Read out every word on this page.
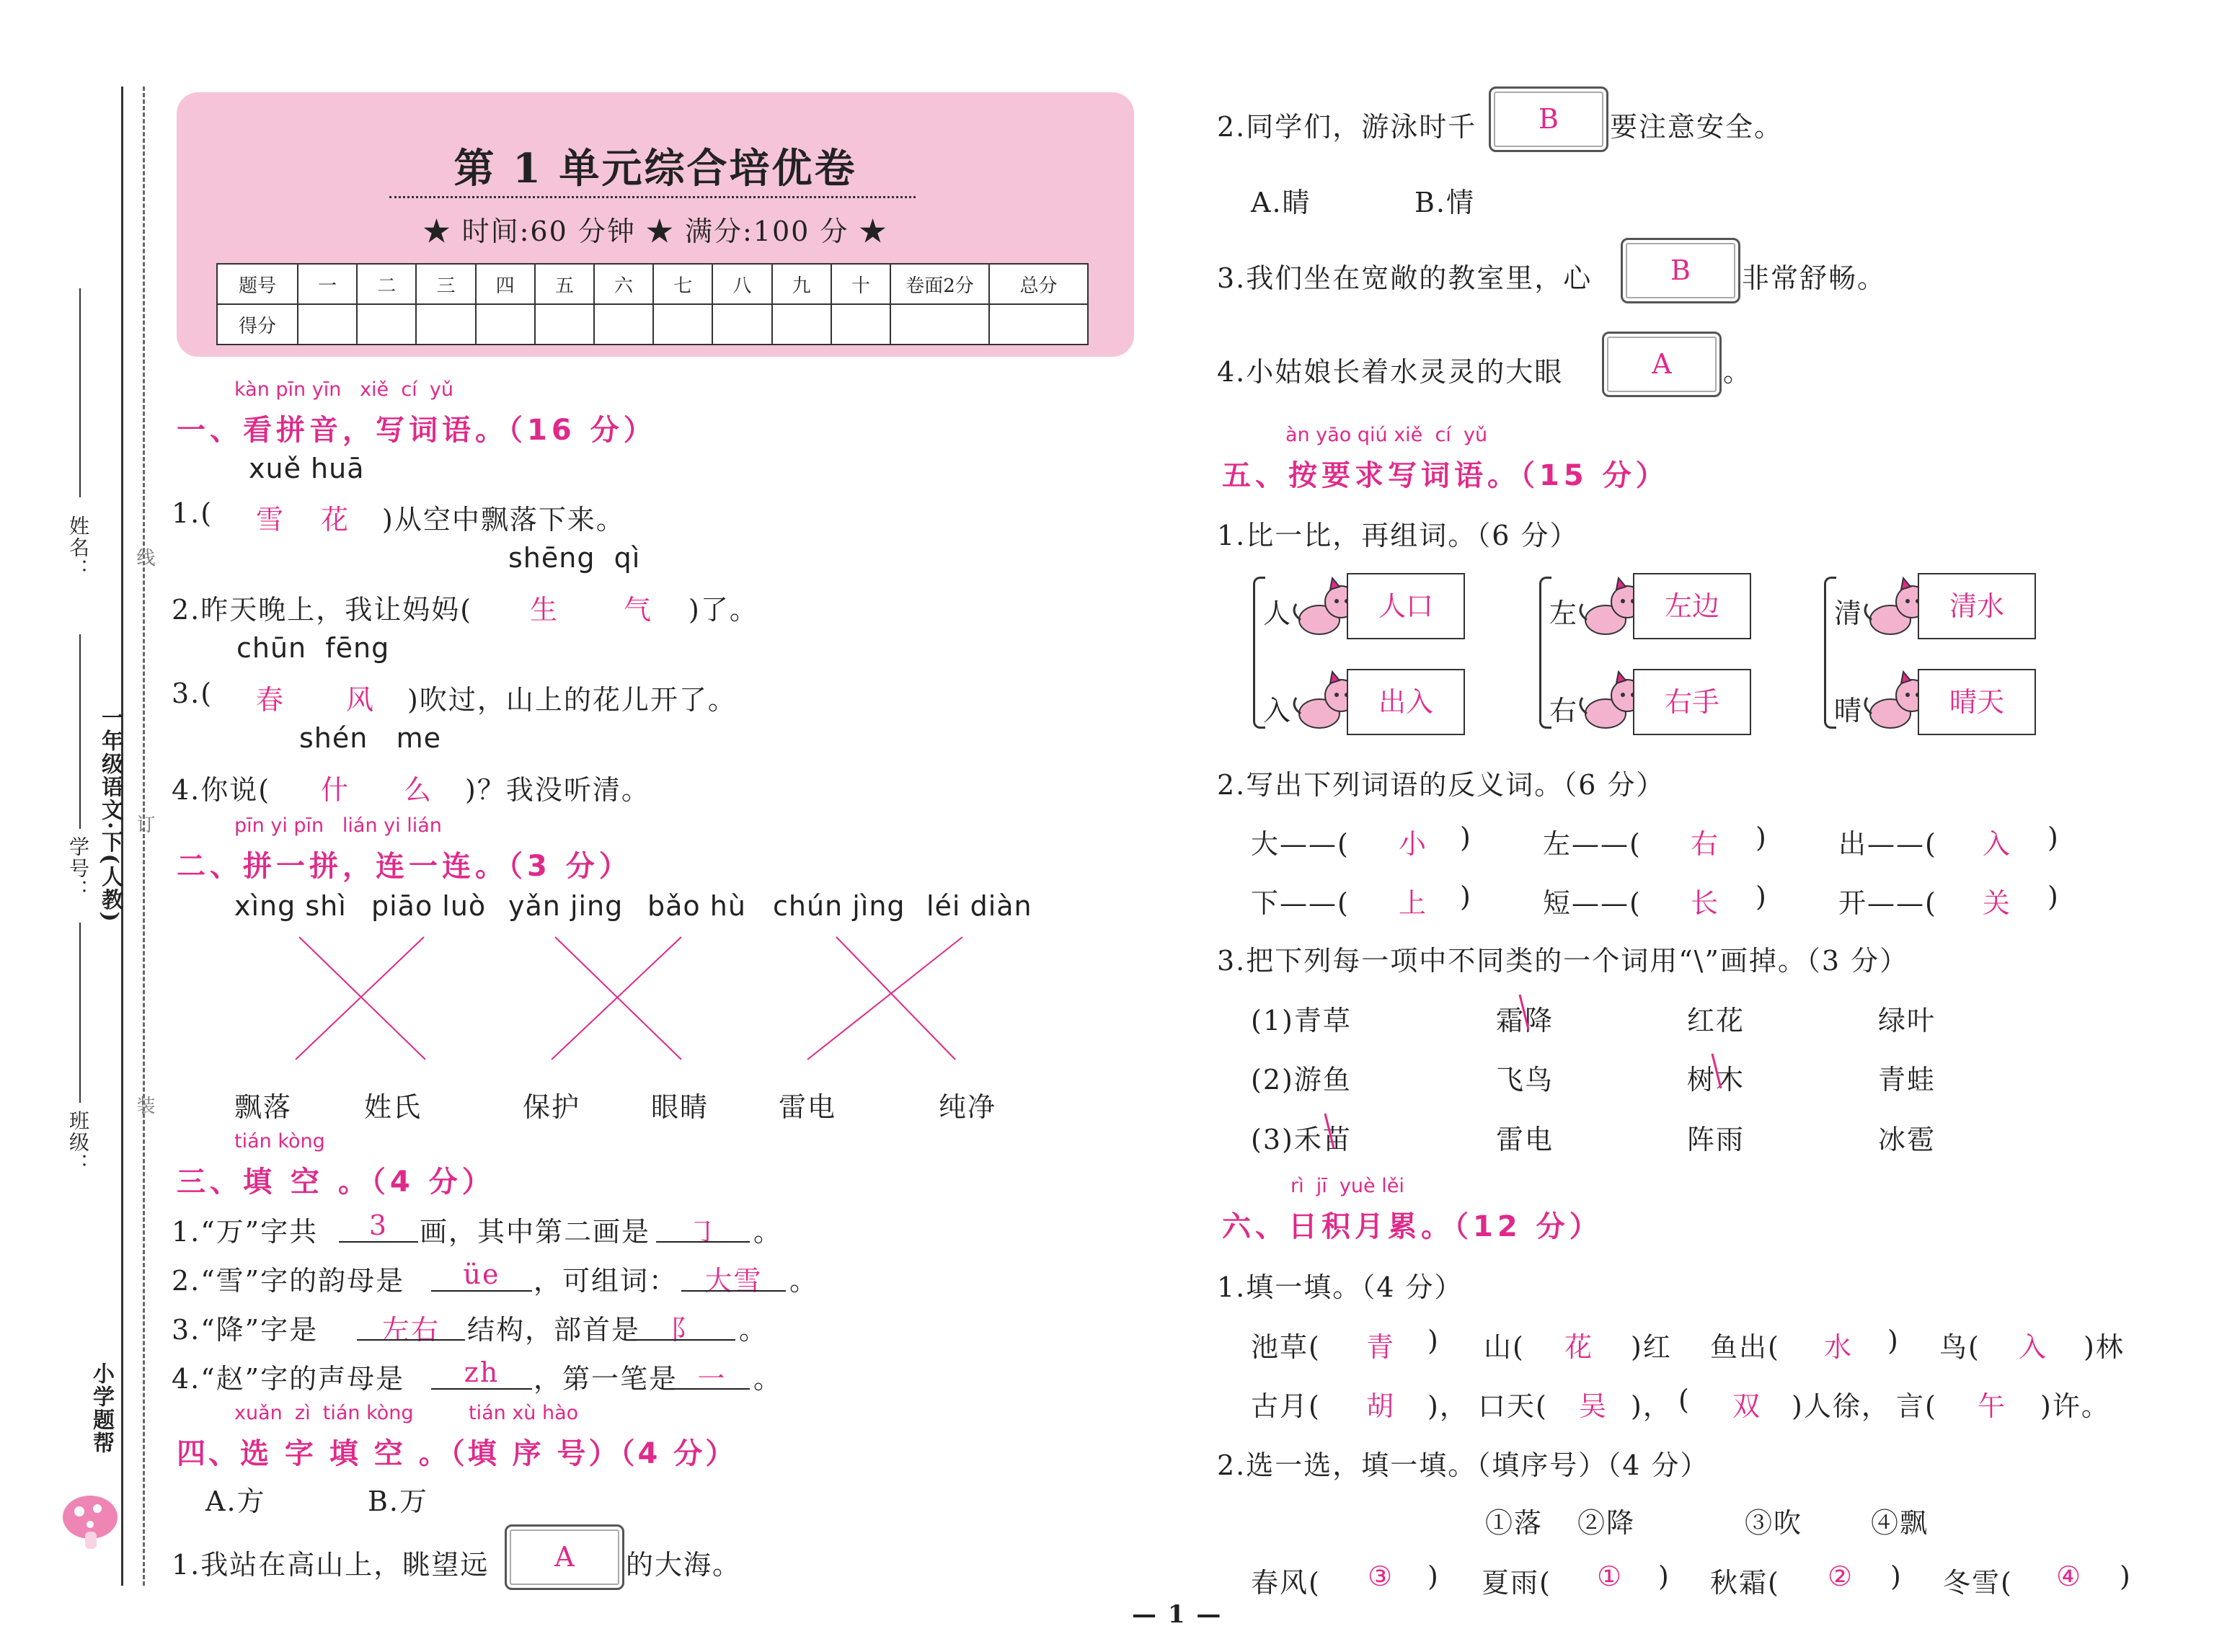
线
订
装
姓名：
学号： 一年级语文·下(人教)
班级：
小学题帮
第 1 单元综合培优卷
★ 时间:60 分钟 ★ 满分:100 分 ★
题号	一	二	三	四	五	六	七	八	九	十	卷面2分	总分
得分												
kàn pīn yīn   xiě  cí  yǔ
一、看拼音，写词语。（16 分）
xuě huā
1.( 雪 花 )从空中飘落下来。
shēng  qì
2.昨天晚上，我让妈妈( 生 气 )了。
chūn  fēng
3.( 春 风 )吹过，山上的花儿开了。
shén   me
4.你说( 什 么 )？我没听清。
pīn yi pīn   lián yi lián
二、拼一拼，连一连。（3 分）
xìng shì piāo luò yǎn jing bǎo hù chún jìng léi diàn
飘落	姓氏	保护	眼睛	雷电	纯净
tián kòng
三、填 空 。（4 分）
1.“万”字共	3	画，其中第二画是	㇆	。
2.“雪”字的韵母是	üe	，可组词： 大雪 。
3.“降”字是	左右	结构，部首是	阝	。
4.“赵”字的声母是	zh	，第一笔是 一 。
xuǎn  zì  tián kòng	tián xù hào
四、选 字 填 空 。（填 序 号）（4 分）
A.方	B.万
1.我站在高山上，眺望远	A	的大海。
2.同学们，游泳时千	B	要注意安全。
A.睛	B.情
3.我们坐在宽敞的教室里，心	B	非常舒畅。
4.小姑娘长着水灵灵的大眼	A	。
àn yāo qiú xiě  cí  yǔ
五、按要求写词语。（15 分）
1.比一比，再组词。（6 分）
人	人口
入	出入
左	左边
右	右手
清	清水
晴	晴天
2.写出下列词语的反义词。（6 分）
大——( 小 )	左——( 右 )	出——( 入 )
下——( 上 )	短——( 长 )	开——( 关 )
3.把下列每一项中不同类的一个词用“\”画掉。（3 分）
(1)青草	霜降	红花	绿叶
(2)游鱼	飞鸟	树木	青蛙
(3)禾苗	雷电	阵雨	冰雹
rì  jī  yuè lěi
六、日积月累。（12 分）
1.填一填。（4 分）
池草( 青 ) 山( 花 )红 鱼出( 水 ) 鸟( 入 )林
古月( 胡 )， 口天( 吴 )， ( 双 )人徐， 言( 午 )许。
2.选一选，填一填。（填序号）（4 分）
①落 ②降	③吹 ④飘
春风( ③ ) 夏雨( ① ) 秋霜( ② ) 冬雪( ④ )
— 1 —
